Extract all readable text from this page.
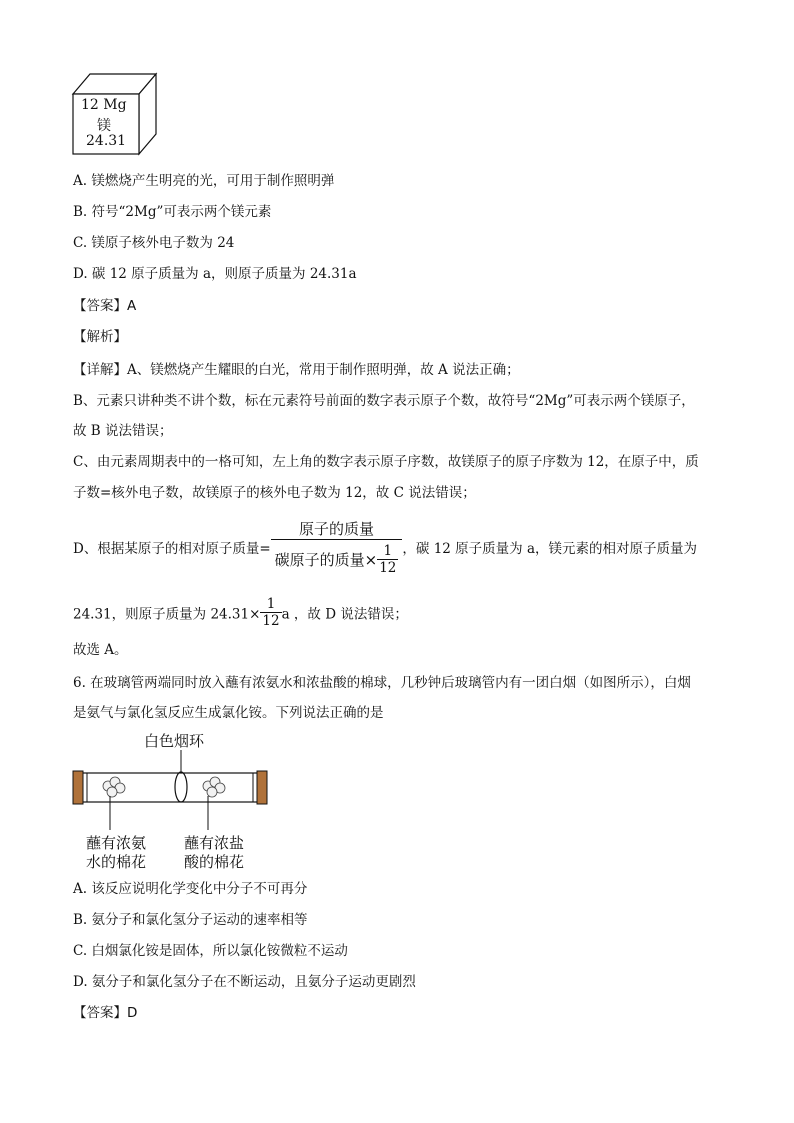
12 Mg
镁
24.31
A. 镁燃烧产生明亮的光，可用于制作照明弹
B. 符号“2Mg”可表示两个镁元素
C. 镁原子核外电子数为 24
D. 碳 12 原子质量为 a，则原子质量为 24.31a
【答案】A
【解析】
【详解】A、镁燃烧产生耀眼的白光，常用于制作照明弹，故 A 说法正确；
B、元素只讲种类不讲个数，标在元素符号前面的数字表示原子个数，故符号“2Mg”可表示两个镁原子，
故 B 说法错误；
C、由元素周期表中的一格可知，左上角的数字表示原子序数，故镁原子的原子序数为 12，在原子中，质
子数=核外电子数，故镁原子的核外电子数为 12，故 C 说法错误；
D、根据某原子的相对原子质量= $\frac{\text{原子的质量}}{碳原子的质量\times \frac{1}{12}}$ ，碳 12 原子质量为 a，镁元素的相对原子质量为
24.31，则原子质量为 $24.31\times \frac{1}{12}$ a ，故 D 说法错误；
故选 A。
6. 在玻璃管两端同时放入蘸有浓氨水和浓盐酸的棉球，几秒钟后玻璃管内有一团白烟（如图所示），白烟
是氨气与氯化氢反应生成氯化铵。下列说法正确的是
白色烟环
蘸有浓氨
水的棉花
蘸有浓盐
酸的棉花
A. 该反应说明化学变化中分子不可再分
B. 氨分子和氯化氢分子运动的速率相等
C. 白烟氯化铵是固体，所以氯化铵微粒不运动
D. 氨分子和氯化氢分子在不断运动，且氨分子运动更剧烈
【答案】D
